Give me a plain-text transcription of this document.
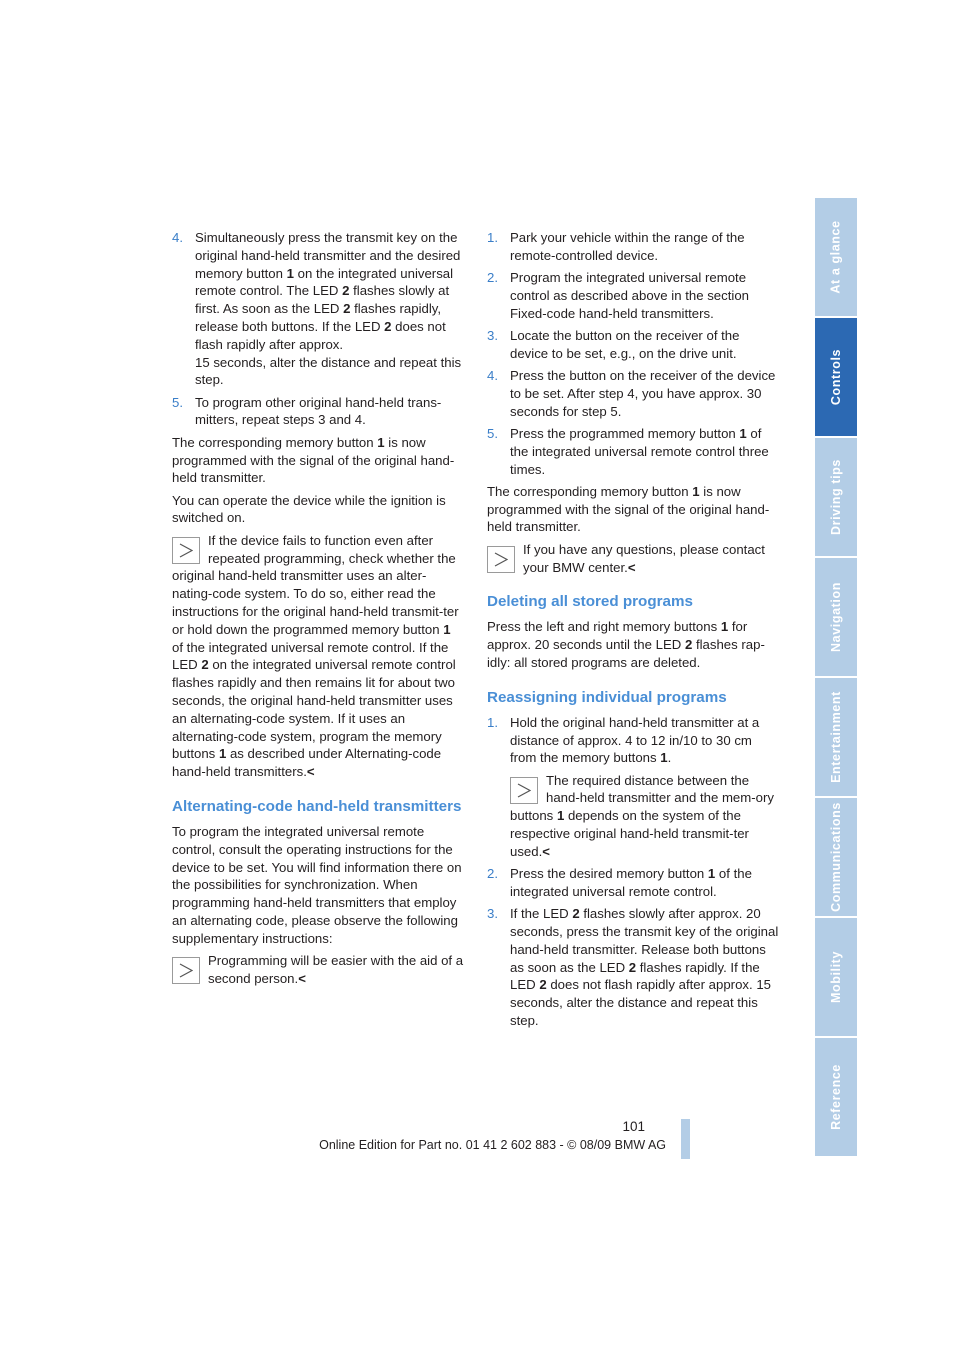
4. Simultaneously press the transmit key on the original hand-held transmitter and the desired memory button 1 on the integrated universal remote control. The LED 2 flashes slowly at first. As soon as the LED 2 flashes rapidly, release both buttons. If the LED 2 does not flash rapidly after approx.
15 seconds, alter the distance and repeat this step.
5. To program other original hand-held trans-mitters, repeat steps 3 and 4.

The corresponding memory button 1 is now programmed with the signal of the original hand-held transmitter.

You can operate the device while the ignition is switched on.

If the device fails to function even after repeated programming, check whether the original hand-held transmitter uses an alter-nating-code system. To do so, either read the instructions for the original hand-held transmit-ter or hold down the programmed memory button 1 of the integrated universal remote control. If the LED 2 on the integrated universal remote control flashes rapidly and then remains lit for about two seconds, the original hand-held transmitter uses an alternating-code system. If it uses an alternating-code system, program the memory buttons 1 as described under Alternating-code hand-held transmitters.<
Alternating-code hand-held transmitters

To program the integrated universal remote control, consult the operating instructions for the device to be set. You will find information there on the possibilities for synchronization. When programming hand-held transmitters that employ an alternating code, please observe the following supplementary instructions:

Programming will be easier with the aid of a second person.<
1. Park your vehicle within the range of the remote-controlled device.
2. Program the integrated universal remote control as described above in the section Fixed-code hand-held transmitters.
3. Locate the button on the receiver of the device to be set, e.g., on the drive unit.
4. Press the button on the receiver of the device to be set. After step 4, you have approx. 30 seconds for step 5.
5. Press the programmed memory button 1 of the integrated universal remote control three times.

The corresponding memory button 1 is now programmed with the signal of the original hand-held transmitter.

If you have any questions, please contact your BMW center.<
Deleting all stored programs

Press the left and right memory buttons 1 for approx. 20 seconds until the LED 2 flashes rap-idly: all stored programs are deleted.

Reassigning individual programs
1. Hold the original hand-held transmitter at a distance of approx. 4 to 12 in/10 to 30 cm from the memory buttons 1.
The required distance between the hand-held transmitter and the mem-ory buttons 1 depends on the system of the respective original hand-held transmit-ter used.<
2. Press the desired memory button 1 of the integrated universal remote control.
3. If the LED 2 flashes slowly after approx. 20 seconds, press the transmit key of the original hand-held transmitter. Release both buttons as soon as the LED 2 flashes rapidly. If the LED 2 does not flash rapidly after approx. 15 seconds, alter the distance and repeat this step.
At a glance
Controls
Driving tips
Navigation
Entertainment
Communications
Mobility
Reference
101
Online Edition for Part no. 01 41 2 602 883 - © 08/09 BMW AG
